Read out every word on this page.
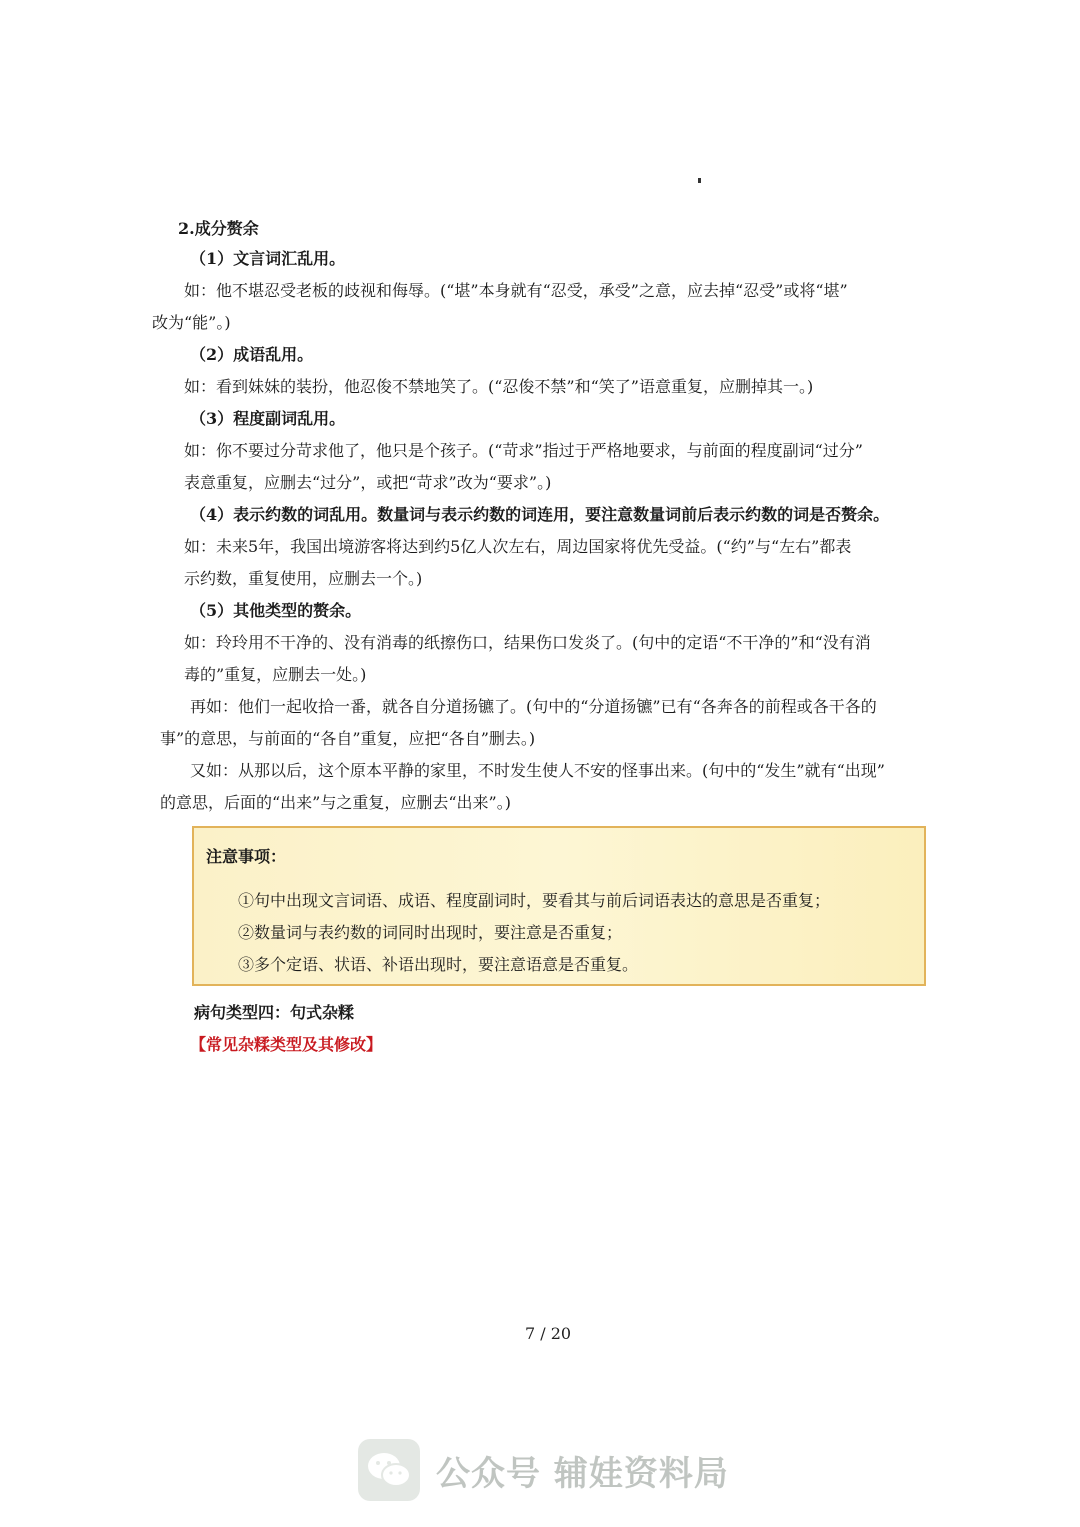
2.成分赘余
（1）文言词汇乱用。
如：他不堪忍受老板的歧视和侮辱。(“堪”本身就有“忍受，承受”之意，应去掉“忍受”或将“堪”
改为“能”。)
（2）成语乱用。
如：看到妹妹的装扮，他忍俊不禁地笑了。(“忍俊不禁”和“笑了”语意重复，应删掉其一。)
（3）程度副词乱用。
如：你不要过分苛求他了，他只是个孩子。(“苛求”指过于严格地要求，与前面的程度副词“过分”
表意重复，应删去“过分”，或把“苛求”改为“要求”。)
（4）表示约数的词乱用。数量词与表示约数的词连用，要注意数量词前后表示约数的词是否赘余。
如：未来5年，我国出境游客将达到约5亿人次左右，周边国家将优先受益。(“约”与“左右”都表
示约数，重复使用，应删去一个。)
（5）其他类型的赘余。
如：玲玲用不干净的、没有消毒的纸擦伤口，结果伤口发炎了。(句中的定语“不干净的”和“没有消
毒的”重复，应删去一处。)
再如：他们一起收拾一番，就各自分道扬镳了。(句中的“分道扬镳”已有“各奔各的前程或各干各的
事”的意思，与前面的“各自”重复，应把“各自”删去。)
又如：从那以后，这个原本平静的家里，不时发生使人不安的怪事出来。(句中的“发生”就有“出现”
的意思，后面的“出来”与之重复，应删去“出来”。)
注意事项：
①句中出现文言词语、成语、程度副词时，要看其与前后词语表达的意思是否重复；
②数量词与表约数的词同时出现时，要注意是否重复；
③多个定语、状语、补语出现时，要注意语意是否重复。
病句类型四：句式杂糅
【常见杂糅类型及其修改】
7 / 20
公众号 辅娃资料局
